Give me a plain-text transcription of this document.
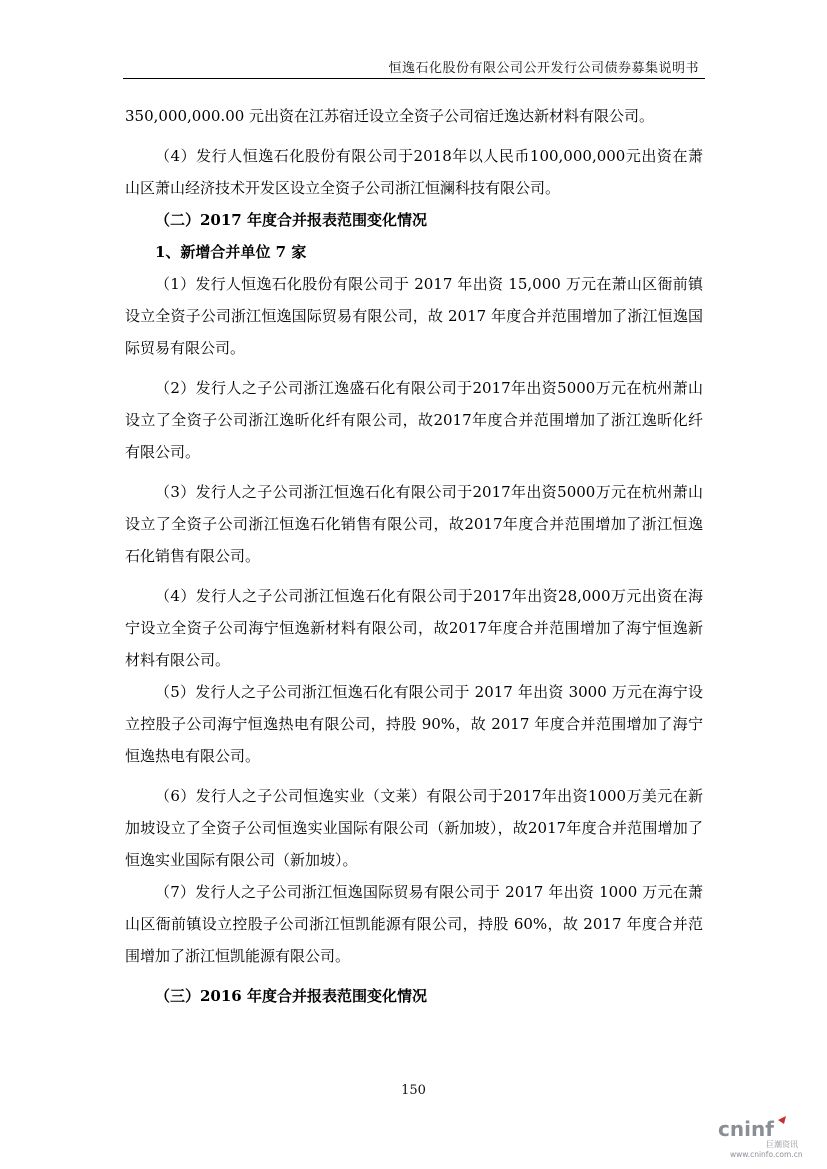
恒逸石化股份有限公司公开发行公司债券募集说明书

350,000,000.00 元出资在江苏宿迁设立全资子公司宿迁逸达新材料有限公司。

（4）发行人恒逸石化股份有限公司于2018年以人民币100,000,000元出资在萧山区萧山经济技术开发区设立全资子公司浙江恒澜科技有限公司。

（二）2017 年度合并报表范围变化情况

1、新增合并单位 7 家

（1）发行人恒逸石化股份有限公司于 2017 年出资 15,000 万元在萧山区衙前镇设立全资子公司浙江恒逸国际贸易有限公司，故 2017 年度合并范围增加了浙江恒逸国际贸易有限公司。

（2）发行人之子公司浙江逸盛石化有限公司于2017年出资5000万元在杭州萧山设立了全资子公司浙江逸昕化纤有限公司，故2017年度合并范围增加了浙江逸昕化纤有限公司。

（3）发行人之子公司浙江恒逸石化有限公司于2017年出资5000万元在杭州萧山设立了全资子公司浙江恒逸石化销售有限公司，故2017年度合并范围增加了浙江恒逸石化销售有限公司。

（4）发行人之子公司浙江恒逸石化有限公司于2017年出资28,000万元出资在海宁设立全资子公司海宁恒逸新材料有限公司，故2017年度合并范围增加了海宁恒逸新材料有限公司。

（5）发行人之子公司浙江恒逸石化有限公司于 2017 年出资 3000 万元在海宁设立控股子公司海宁恒逸热电有限公司，持股 90%，故 2017 年度合并范围增加了海宁恒逸热电有限公司。

（6）发行人之子公司恒逸实业（文莱）有限公司于2017年出资1000万美元在新加坡设立了全资子公司恒逸实业国际有限公司（新加坡），故2017年度合并范围增加了恒逸实业国际有限公司（新加坡）。

（7）发行人之子公司浙江恒逸国际贸易有限公司于 2017 年出资 1000 万元在萧山区衙前镇设立控股子公司浙江恒凯能源有限公司，持股 60%，故 2017 年度合并范围增加了浙江恒凯能源有限公司。

（三）2016 年度合并报表范围变化情况

150
cninf
巨潮资讯
www.cninfo.com.cn
